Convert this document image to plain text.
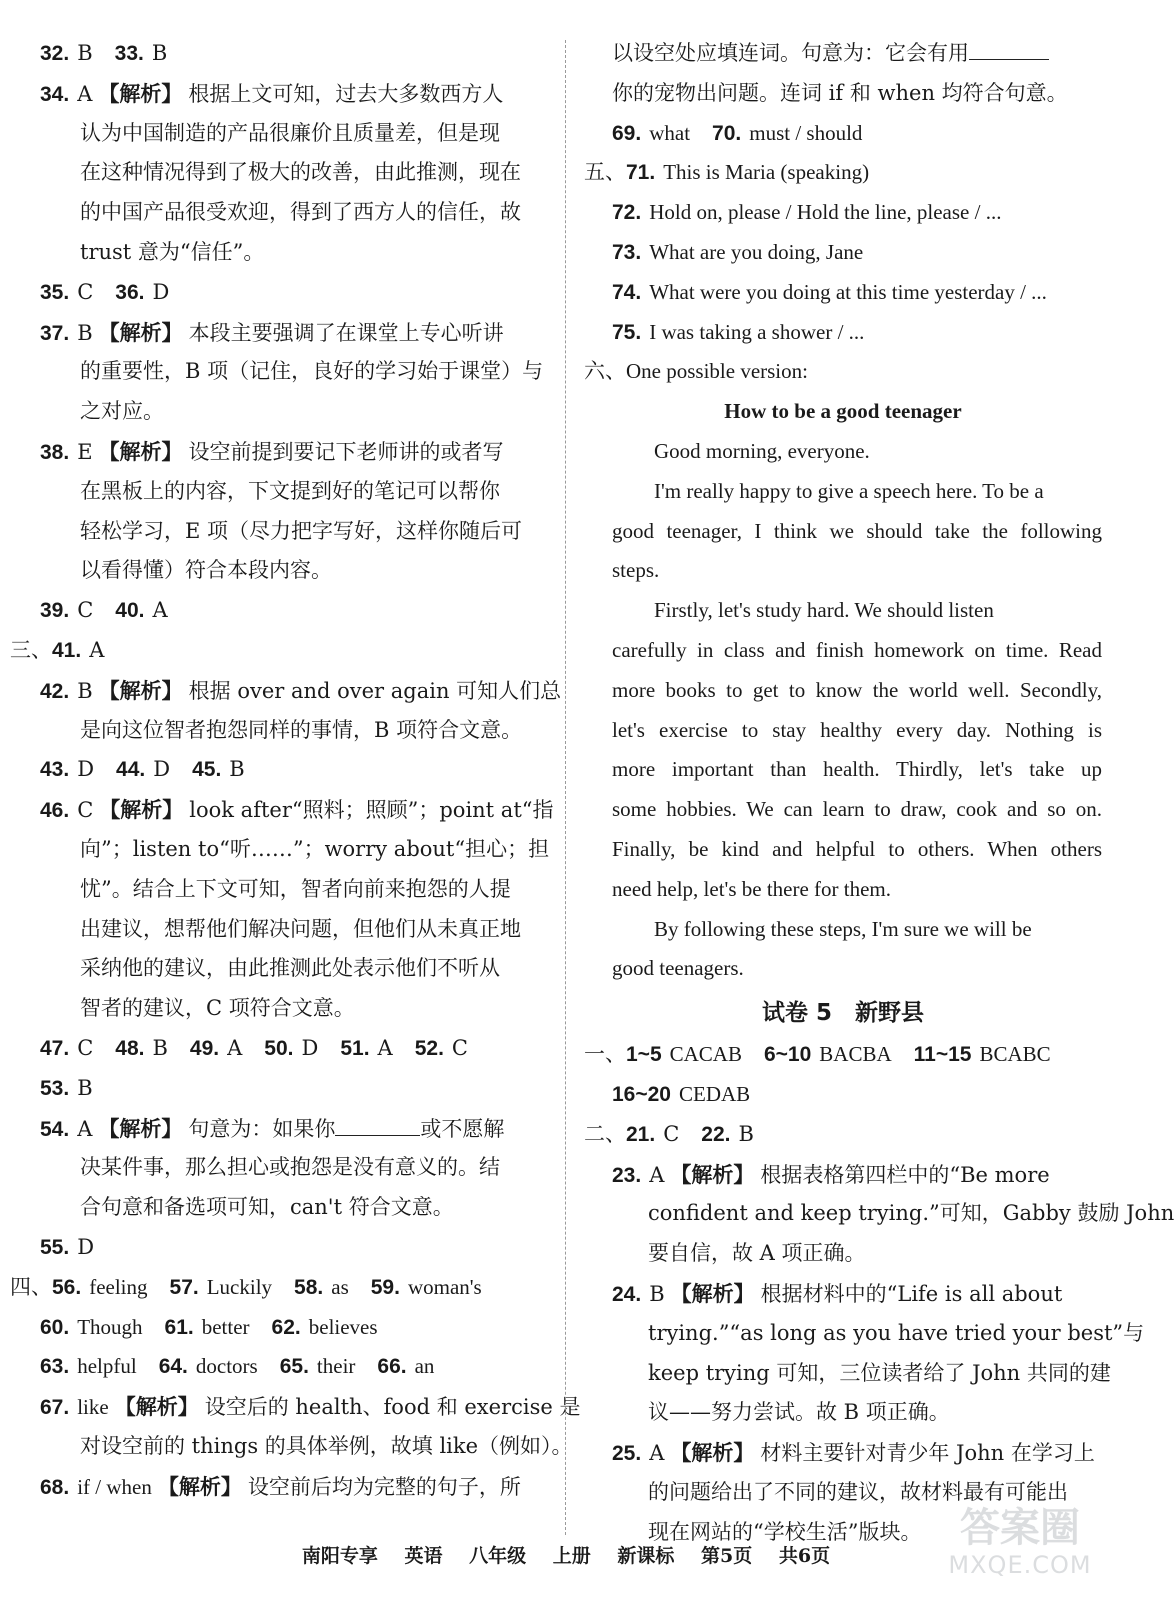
32. B 33. B
34. A 【解析】 根据上文可知，过去大多数西方人
认为中国制造的产品很廉价且质量差，但是现
在这种情况得到了极大的改善，由此推测，现在
的中国产品很受欢迎，得到了西方人的信任，故
trust 意为“信任”。
35. C 36. D
37. B 【解析】 本段主要强调了在课堂上专心听讲
的重要性，B 项（记住，良好的学习始于课堂）与
之对应。
38. E 【解析】 设空前提到要记下老师讲的或者写
在黑板上的内容，下文提到好的笔记可以帮你
轻松学习，E 项（尽力把字写好，这样你随后可
以看得懂）符合本段内容。
39. C 40. A
三、41. A
42. B 【解析】 根据 over and over again 可知人们总
是向这位智者抱怨同样的事情，B 项符合文意。
43. D 44. D 45. B
46. C 【解析】 look after“照料；照顾”；point at“指
向”；listen to“听……”；worry about“担心；担
忧”。结合上下文可知，智者向前来抱怨的人提
出建议，想帮他们解决问题，但他们从未真正地
采纳他的建议，由此推测此处表示他们不听从
智者的建议，C 项符合文意。
47. C 48. B 49. A 50. D 51. A 52. C
53. B
54. A 【解析】 句意为：如果你	或不愿解
决某件事，那么担心或抱怨是没有意义的。结
合句意和备选项可知，can't 符合文意。
55. D
四、56. feeling 57. Luckily 58. as 59. woman's
60. Though 61. better 62. believes
63. helpful 64. doctors 65. their 66. an
67. like 【解析】 设空后的 health、food 和 exercise 是
对设空前的 things 的具体举例，故填 like（例如）。
68. if / when 【解析】 设空前后均为完整的句子，所
以设空处应填连词。句意为：它会有用
你的宠物出问题。连词 if 和 when 均符合句意。
69. what 70. must / should
五、71. This is Maria (speaking)
72. Hold on, please / Hold the line, please / ...
73. What are you doing, Jane
74. What were you doing at this time yesterday / ...
75. I was taking a shower / ...
六、One possible version:
How to be a good teenager
Good morning, everyone.
I'm really happy to give a speech here. To be a
good teenager, I think we should take the following
steps.
Firstly, let's study hard. We should listen
carefully in class and finish homework on time. Read
more books to get to know the world well. Secondly,
let's exercise to stay healthy every day. Nothing is
more important than health. Thirdly, let's take up
some hobbies. We can learn to draw, cook and so on.
Finally, be kind and helpful to others. When others
need help, let's be there for them.
By following these steps, I'm sure we will be
good teenagers.
试卷 5　新野县
一、1~5 CACAB 6~10 BACBA 11~15 BCABC
16~20 CEDAB
二、21. C 22. B
23. A 【解析】 根据表格第四栏中的“Be more
confident and keep trying.”可知，Gabby 鼓励 John
要自信，故 A 项正确。
24. B 【解析】 根据材料中的“Life is all about
trying.”“as long as you have tried your best”与
keep trying 可知，三位读者给了 John 共同的建
议——努力尝试。故 B 项正确。
25. A 【解析】 材料主要针对青少年 John 在学习上
的问题给出了不同的建议，故材料最有可能出
现在网站的“学校生活”版块。
南阳专享 英语 八年级 上册 新课标 第5页 共6页
答案圈
MXQE.COM
